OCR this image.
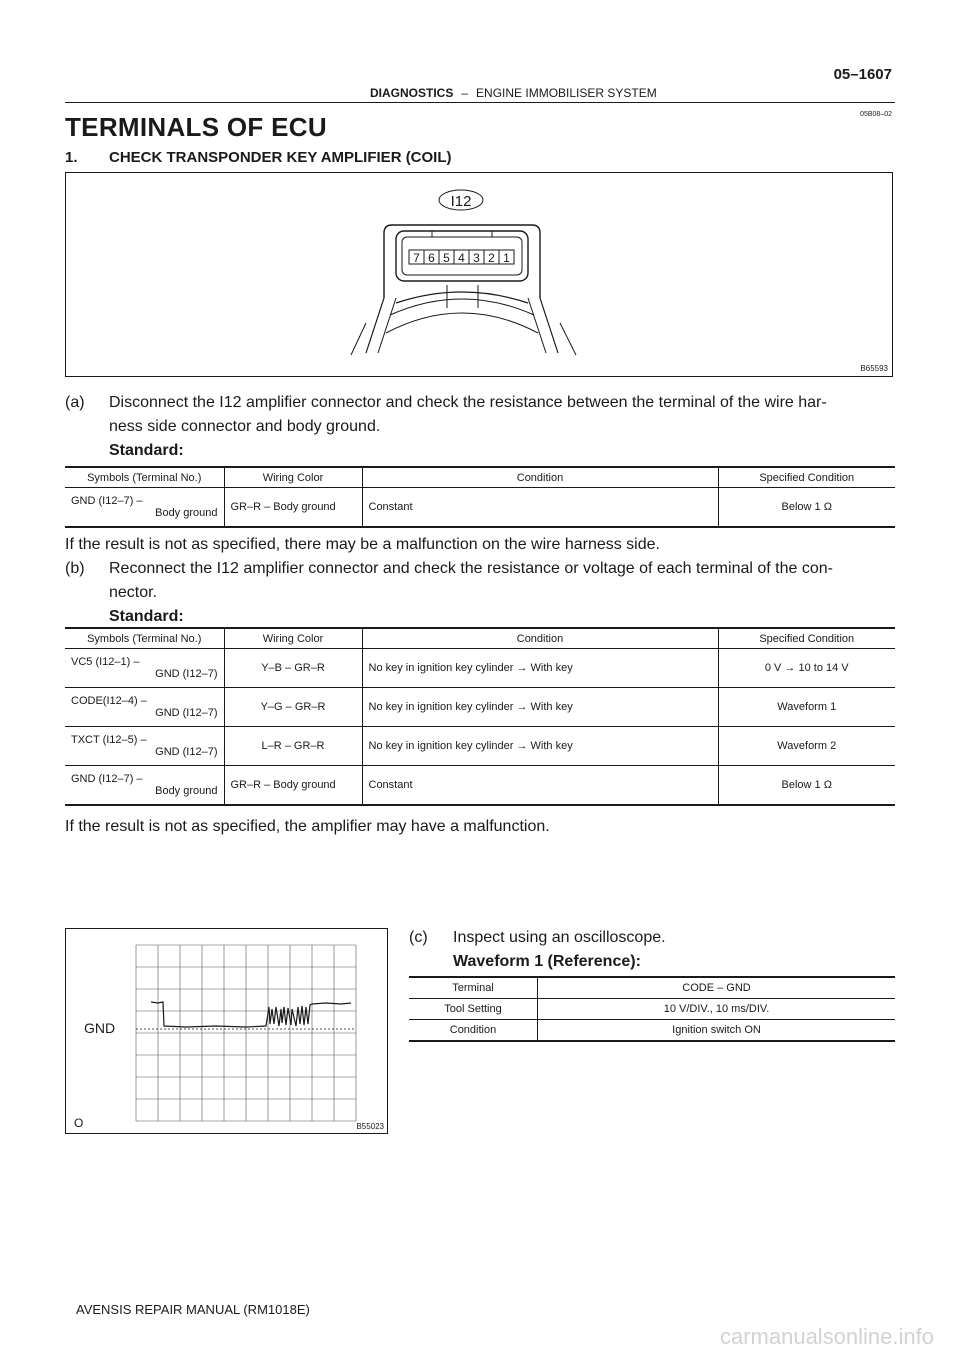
DIAGNOSTICS – ENGINE IMMOBILISER SYSTEM
05–1607
05B08–02
TERMINALS OF ECU
1. CHECK TRANSPONDER KEY AMPLIFIER (COIL)
I12
7 6 5 4 3 2 1
B65593
(a) Disconnect the I12 amplifier connector and check the resistance between the terminal of the wire har-
ness side connector and body ground.
Standard:
Symbols (Terminal No.)	Wiring Color	Condition	Specified Condition

GND (I12–7) –
Body ground	GR–R – Body ground	Constant	Below 1 Ω
If the result is not as specified, there may be a malfunction on the wire harness side.
(b) Reconnect the I12 amplifier connector and check the resistance or voltage of each terminal of the con-
nector.
Standard:
Symbols (Terminal No.)	Wiring Color	Condition	Specified Condition

VC5 (I12–1) –
GND (I12–7)	Y–B – GR–R	No key in ignition key cylinder → With key	0 V → 10 to 14 V

CODE(I12–4) –
GND (I12–7)	Y–G – GR–R	No key in ignition key cylinder → With key	Waveform 1

TXCT (I12–5) –
GND (I12–7)	L–R – GR–R	No key in ignition key cylinder → With key	Waveform 2

GND (I12–7) –
Body ground	GR–R – Body ground	Constant	Below 1 Ω
If the result is not as specified, the amplifier may have a malfunction.
GND
O	B55023
(c) Inspect using an oscilloscope.
Waveform 1 (Reference):
Terminal	CODE – GND
Tool Setting	10 V/DIV., 10 ms/DIV.
Condition	Ignition switch ON
AVENSIS REPAIR MANUAL (RM1018E)
carmanualsonline.info
